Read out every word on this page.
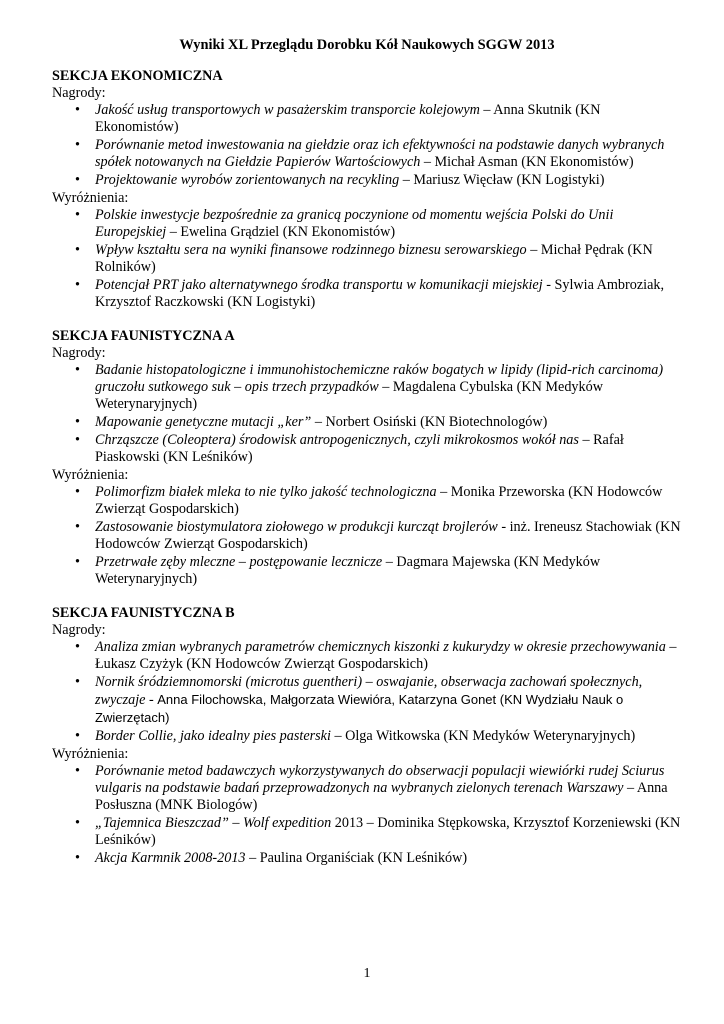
Wyniki XL Przeglądu Dorobku Kół Naukowych SGGW 2013
SEKCJA EKONOMICZNA
Nagrody:
• Jakość usług transportowych w pasażerskim transporcie kolejowym – Anna Skutnik (KN Ekonomistów)
• Porównanie metod inwestowania na giełdzie oraz ich efektywności na podstawie danych wybranych spółek notowanych na Giełdzie Papierów Wartościowych – Michał Asman (KN Ekonomistów)
• Projektowanie wyrobów zorientowanych na recykling – Mariusz Więcław (KN Logistyki)
Wyróżnienia:
• Polskie inwestycje bezpośrednie za granicą poczynione od momentu wejścia Polski do Unii Europejskiej – Ewelina Grądziel (KN Ekonomistów)
• Wpływ kształtu sera na wyniki finansowe rodzinnego biznesu serowarskiego – Michał Pędrak (KN Rolników)
• Potencjał PRT jako alternatywnego środka transportu w komunikacji miejskiej - Sylwia Ambroziak, Krzysztof Raczkowski (KN Logistyki)
SEKCJA FAUNISTYCZNA A
Nagrody:
• Badanie histopatologiczne i immunohistochemiczne raków bogatych w lipidy (lipid-rich carcinoma) gruczołu sutkowego suk – opis trzech przypadków – Magdalena Cybulska (KN Medyków Weterynaryjnych)
• Mapowanie genetyczne mutacji „ker” – Norbert Osiński (KN Biotechnologów)
• Chrząszcze (Coleoptera) środowisk antropogenicznych, czyli mikrokosmos wokół nas – Rafał Piaskowski (KN Leśników)
Wyróżnienia:
• Polimorfizm białek mleka to nie tylko jakość technologiczna – Monika Przeworska (KN Hodowców Zwierząt Gospodarskich)
• Zastosowanie biostymulatora ziołowego w produkcji kurcząt brojlerów - inż. Ireneusz Stachowiak (KN Hodowców Zwierząt Gospodarskich)
• Przetrwałe zęby mleczne – postępowanie lecznicze – Dagmara Majewska (KN Medyków Weterynaryjnych)
SEKCJA FAUNISTYCZNA B
Nagrody:
• Analiza zmian wybranych parametrów chemicznych kiszonki z kukurydzy w okresie przechowywania – Łukasz Czyżyk (KN Hodowców Zwierząt Gospodarskich)
• Nornik śródziemnomorski (microtus guentheri) – oswajanie, obserwacja zachowań społecznych, zwyczaje - Anna Filochowska, Małgorzata Wiewióra, Katarzyna Gonet (KN Wydziału Nauk o Zwierzętach)
• Border Collie, jako idealny pies pasterski – Olga Witkowska (KN Medyków Weterynaryjnych)
Wyróżnienia:
• Porównanie metod badawczych wykorzystywanych do obserwacji populacji wiewiórki rudej Sciurus vulgaris na podstawie badań przeprowadzonych na wybranych zielonych terenach Warszawy – Anna Posłuszna (MNK Biologów)
• „Tajemnica Bieszczad” – Wolf expedition 2013 – Dominika Stępkowska, Krzysztof Korzeniewski (KN Leśników)
• Akcja Karmnik 2008-2013 – Paulina Organiściak (KN Leśników)
1
